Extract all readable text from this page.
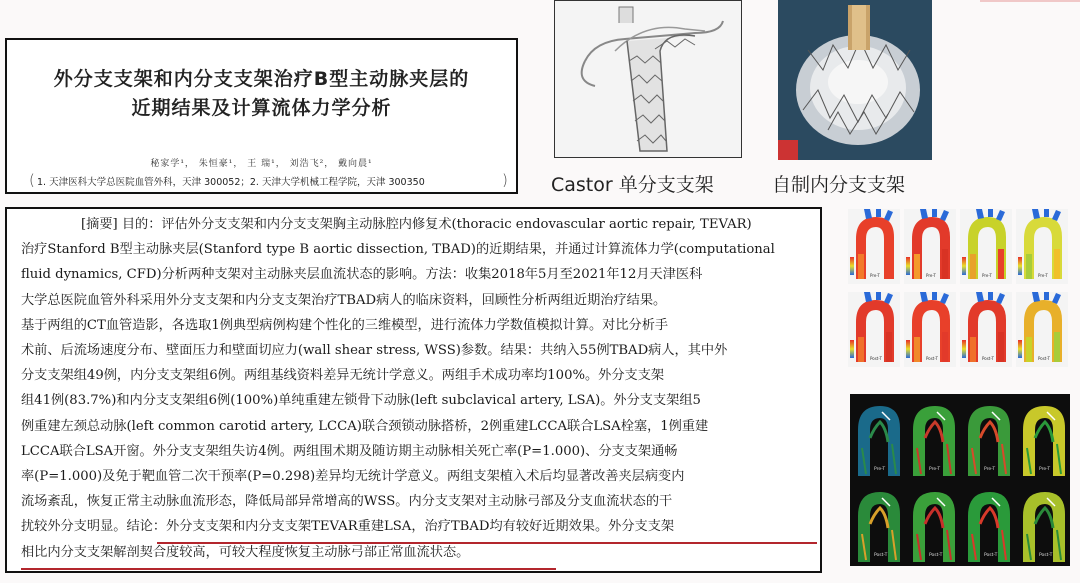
外分支支架和内分支支架治疗B型主动脉夹层的
近期结果及计算流体力学分析
秘家学¹， 朱恒豪¹， 王 瑞¹， 刘浩飞²， 戴向晨¹
( 1. 天津医科大学总医院血管外科，天津 300052；2. 天津大学机械工程学院，天津 300350	) Castor 单分支支架	自制内分支支架
[摘要] 目的：评估外分支支架和内分支支架胸主动脉腔内修复术(thoracic endovascular aortic repair, TEVAR)
治疗Stanford B型主动脉夹层(Stanford type B aortic dissection, TBAD)的近期结果，并通过计算流体力学(computational
fluid dynamics, CFD)分析两种支架对主动脉夹层血流状态的影响。方法：收集2018年5月至2021年12月天津医科
大学总医院血管外科采用外分支支架和内分支支架治疗TBAD病人的临床资料，回顾性分析两组近期治疗结果。
基于两组的CT血管造影，各选取1例典型病例构建个性化的三维模型，进行流体力学数值模拟计算。对比分析手
术前、后流场速度分布、壁面压力和壁面切应力(wall shear stress, WSS)参数。结果：共纳入55例TBAD病人，其中外
分支支架组49例，内分支支架组6例。两组基线资料差异无统计学意义。两组手术成功率均100%。外分支支架
组41例(83.7%)和内分支支架组6例(100%)单纯重建左锁骨下动脉(left subclavical artery, LSA)。外分支支架组5
例重建左颈总动脉(left common carotid artery, LCCA)联合颈锁动脉搭桥，2例重建LCCA联合LSA栓塞，1例重建
LCCA联合LSA开窗。外分支支架组失访4例。两组围术期及随访期主动脉相关死亡率(P=1.000)、分支支架通畅
率(P=1.000)及免于靶血管二次干预率(P=0.298)差异均无统计学意义。两组支架植入术后均显著改善夹层病变内
流场紊乱，恢复正常主动脉血流形态，降低局部异常增高的WSS。内分支支架对主动脉弓部及分支血流状态的干
扰较外分支明显。结论：外分支支架和内分支支架TEVAR重建LSA，治疗TBAD均有较好近期效果。外分支支架
相比内分支支架解剖契合度较高，可较大程度恢复主动脉弓部正常血流状态。
Pre-T	Pre-T	Pre-T	Pre-T
Post-T	Post-T	Post-T	Post-T
Pre-T	Pre-T	Pre-T	Pre-T
Post-T	Post-T	Post-T	Post-T
